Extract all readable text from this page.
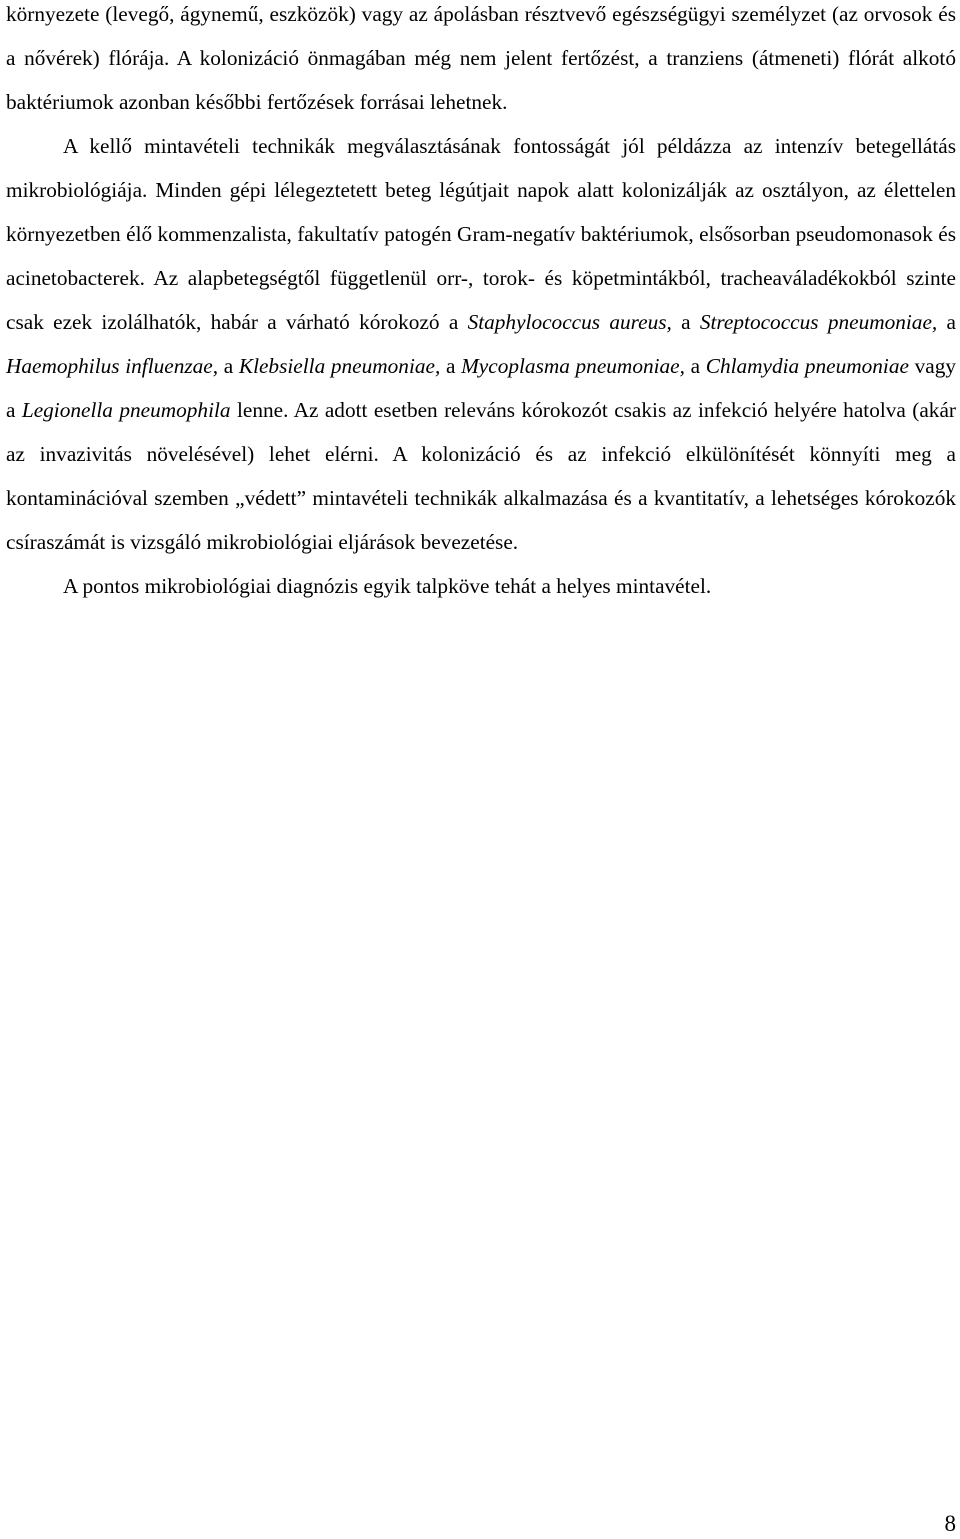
környezete (levegő, ágynemű, eszközök) vagy az ápolásban résztvevő egészségügyi személyzet (az orvosok és a nővérek) flórája. A kolonizáció önmagában még nem jelent fertőzést, a tranziens (átmeneti) flórát alkotó baktériumok azonban későbbi fertőzések forrásai lehetnek.

A kellő mintavételi technikák megválasztásának fontosságát jól példázza az intenzív betegellátás mikrobiológiája. Minden gépi lélegeztetett beteg légútjait napok alatt kolonizálják az osztályon, az élettelen környezetben élő kommenzalista, fakultatív patogén Gram-negatív baktériumok, elsősorban pseudomonasok és acinetobacterek. Az alapbetegségtől függetlenül orr-, torok- és köpetmintákból, tracheaváladékokból szinte csak ezek izolálhatók, habár a várható kórokozó a Staphylococcus aureus, a Streptococcus pneumoniae, a Haemophilus influenzae, a Klebsiella pneumoniae, a Mycoplasma pneumoniae, a Chlamydia pneumoniae vagy a Legionella pneumophila lenne. Az adott esetben releváns kórokozót csakis az infekció helyére hatolva (akár az invazivitás növelésével) lehet elérni. A kolonizáció és az infekció elkülönítését könnyíti meg a kontaminációval szemben „védett” mintavételi technikák alkalmazása és a kvantitatív, a lehetséges kórokozók csíraszámát is vizsgáló mikrobiológiai eljárások bevezetése.

A pontos mikrobiológiai diagnózis egyik talpköve tehát a helyes mintavétel.

8
